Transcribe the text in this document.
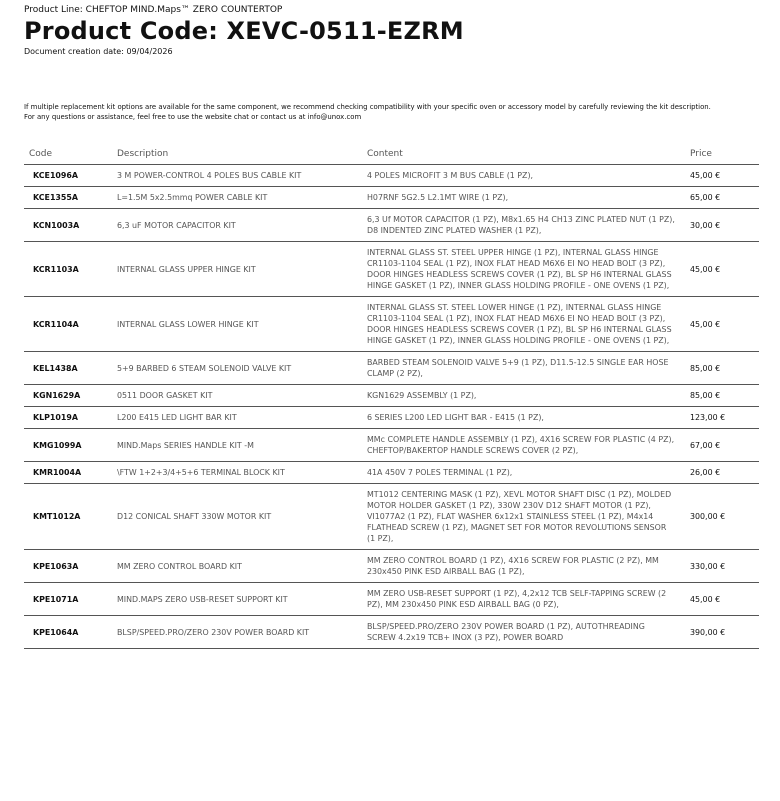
Product Line: CHEFTOP MIND.Maps™ ZERO COUNTERTOP
Product Code: XEVC-0511-EZRM
Document creation date: 09/04/2026
If multiple replacement kit options are available for the same component, we recommend checking compatibility with your specific oven or accessory model by carefully reviewing the kit description.
For any questions or assistance, feel free to use the website chat or contact us at info@unox.com
Code	Description	Content	Price
KCE1096A	3 M POWER-CONTROL 4 POLES BUS CABLE KIT	4 POLES MICROFIT 3 M BUS CABLE (1 PZ),	45,00 €
KCE1355A	L=1.5M 5x2.5mmq POWER CABLE KIT	H07RNF 5G2.5 L2.1MT WIRE (1 PZ),	65,00 €
KCN1003A	6,3 uF MOTOR CAPACITOR KIT	6,3 Uf MOTOR CAPACITOR (1 PZ), M8x1.65 H4 CH13 ZINC PLATED NUT (1 PZ), D8 INDENTED ZINC PLATED WASHER (1 PZ),	30,00 €
KCR1103A	INTERNAL GLASS UPPER HINGE KIT	INTERNAL GLASS ST. STEEL UPPER HINGE (1 PZ), INTERNAL GLASS HINGE CR1103-1104 SEAL (1 PZ), INOX FLAT HEAD M6X6 EI NO HEAD BOLT (3 PZ), DOOR HINGES HEADLESS SCREWS COVER (1 PZ), BL SP H6 INTERNAL GLASS HINGE GASKET (1 PZ), INNER GLASS HOLDING PROFILE - ONE OVENS (1 PZ),	45,00 €
KCR1104A	INTERNAL GLASS LOWER HINGE KIT	INTERNAL GLASS ST. STEEL LOWER HINGE (1 PZ), INTERNAL GLASS HINGE CR1103-1104 SEAL (1 PZ), INOX FLAT HEAD M6X6 EI NO HEAD BOLT (3 PZ), DOOR HINGES HEADLESS SCREWS COVER (1 PZ), BL SP H6 INTERNAL GLASS HINGE GASKET (1 PZ), INNER GLASS HOLDING PROFILE - ONE OVENS (1 PZ),	45,00 €
KEL1438A	5+9 BARBED 6 STEAM SOLENOID VALVE KIT	BARBED STEAM SOLENOID VALVE 5+9 (1 PZ), D11.5-12.5 SINGLE EAR HOSE CLAMP (2 PZ),	85,00 €
KGN1629A	0511 DOOR GASKET KIT	KGN1629 ASSEMBLY (1 PZ),	85,00 €
KLP1019A	L200 E415 LED LIGHT BAR KIT	6 SERIES L200 LED LIGHT BAR - E415 (1 PZ),	123,00 €
KMG1099A	MIND.Maps SERIES HANDLE KIT -M	MMc COMPLETE HANDLE ASSEMBLY (1 PZ), 4X16 SCREW FOR PLASTIC (4 PZ), CHEFTOP/BAKERTOP HANDLE SCREWS COVER (2 PZ),	67,00 €
KMR1004A	\FTW 1+2+3/4+5+6 TERMINAL BLOCK KIT	41A 450V 7 POLES TERMINAL (1 PZ),	26,00 €
KMT1012A	D12 CONICAL SHAFT 330W MOTOR KIT	MT1012 CENTERING MASK (1 PZ), XEVL MOTOR SHAFT DISC (1 PZ), MOLDED MOTOR HOLDER GASKET (1 PZ), 330W 230V D12 SHAFT MOTOR (1 PZ), VI1077A2 (1 PZ), FLAT WASHER 6x12x1 STAINLESS STEEL (1 PZ), M4x14 FLATHEAD SCREW (1 PZ), MAGNET SET FOR MOTOR REVOLUTIONS SENSOR (1 PZ),	300,00 €
KPE1063A	MM ZERO CONTROL BOARD KIT	MM ZERO CONTROL BOARD (1 PZ), 4X16 SCREW FOR PLASTIC (2 PZ), MM 230x450 PINK ESD AIRBALL BAG (1 PZ),	330,00 €
KPE1071A	MIND.MAPS ZERO USB-RESET SUPPORT KIT	MM ZERO USB-RESET SUPPORT (1 PZ), 4,2x12 TCB SELF-TAPPING SCREW (2 PZ), MM 230x450 PINK ESD AIRBALL BAG (0 PZ),	45,00 €
KPE1064A	BLSP/SPEED.PRO/ZERO 230V POWER BOARD KIT	BLSP/SPEED.PRO/ZERO 230V POWER BOARD (1 PZ), AUTOTHREADING SCREW 4.2x19 TCB+ INOX (3 PZ), POWER BOARD	390,00 €
